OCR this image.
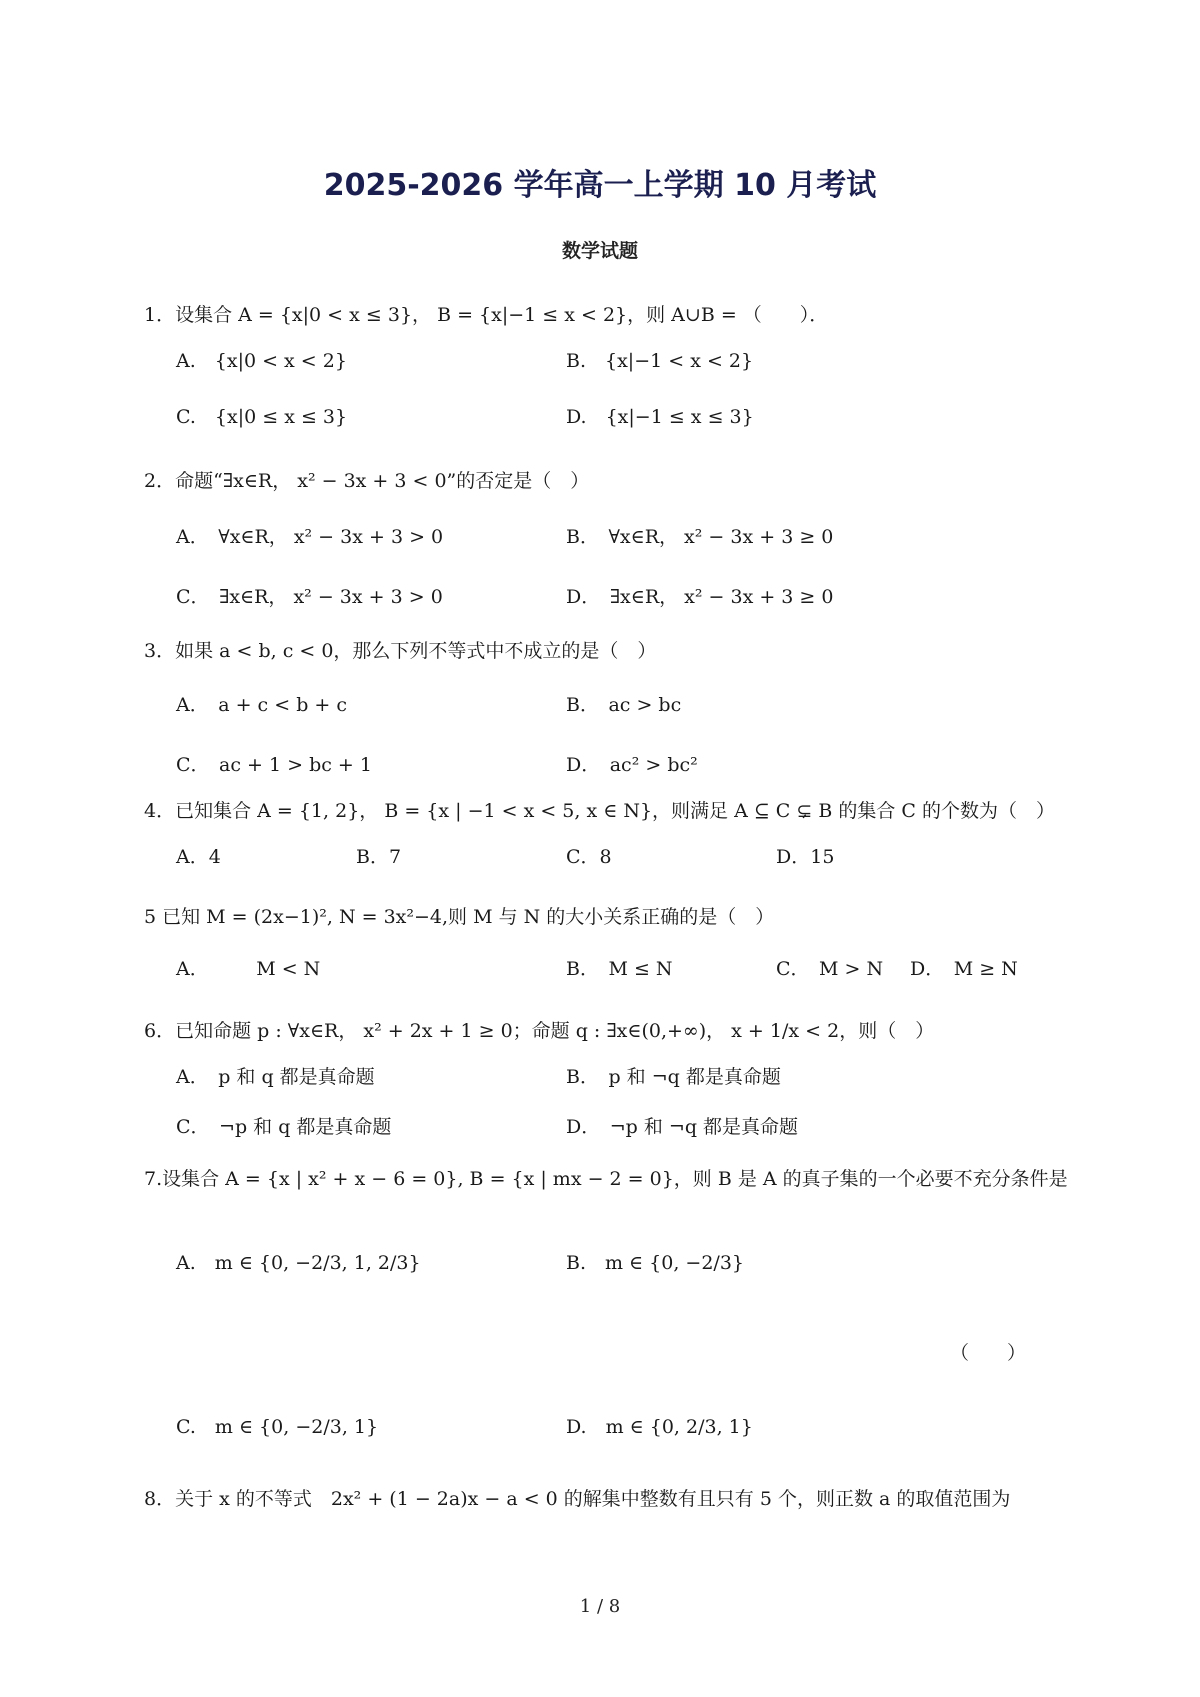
2025-2026 学年高一上学期 10 月考试
数学试题
1．设集合 A = {x|0 < x ≤ 3}， B = {x|−1 ≤ x < 2}，则 A∪B = （　　）．
A.　{x|0 < x < 2}	B.　{x|−1 < x < 2}
C.　{x|0 ≤ x ≤ 3}	D.　{x|−1 ≤ x ≤ 3}
2．命题“∃x∈R， x² − 3x + 3 < 0”的否定是（　）
A．　∀x∈R， x² − 3x + 3 > 0	B．　∀x∈R， x² − 3x + 3 ≥ 0
C．　∃x∈R， x² − 3x + 3 > 0	D．　∃x∈R， x² − 3x + 3 ≥ 0
3．如果 a < b, c < 0，那么下列不等式中不成立的是（　）
A．　a + c < b + c	B．　ac > bc
C．　ac + 1 > bc + 1	D．　ac² > bc²
4．已知集合 A = {1, 2}， B = {x | −1 < x < 5, x ∈ N}，则满足 A ⊆ C ⊊ B 的集合 C 的个数为（　）
A．4	B．7	C．8	D．15
5 已知 M = (2x−1)², N = 3x²−4,则 M 与 N 的大小关系正确的是（　）
A．　　　M < N	B．　M ≤ N	C．　M > N D．　M ≥ N
6．已知命题 p : ∀x∈R， x² + 2x + 1 ≥ 0；命题 q : ∃x∈(0,+∞)， x + 1/x < 2，则（　）
A．　p 和 q 都是真命题	B．　p 和 ¬q 都是真命题
C．　¬p 和 q 都是真命题	D．　¬p 和 ¬q 都是真命题
7.设集合 A = {x | x² + x − 6 = 0}, B = {x | mx − 2 = 0}，则 B 是 A 的真子集的一个必要不充分条件是
A.　m ∈ {0, −2/3, 1, 2/3}	B.　m ∈ {0, −2/3}
C.　m ∈ {0, −2/3, 1}	D.　m ∈ {0, 2/3, 1}
（　　）
8．关于 x 的不等式　2x² + (1 − 2a)x − a < 0 的解集中整数有且只有 5 个，则正数 a 的取值范围为
1 / 8
